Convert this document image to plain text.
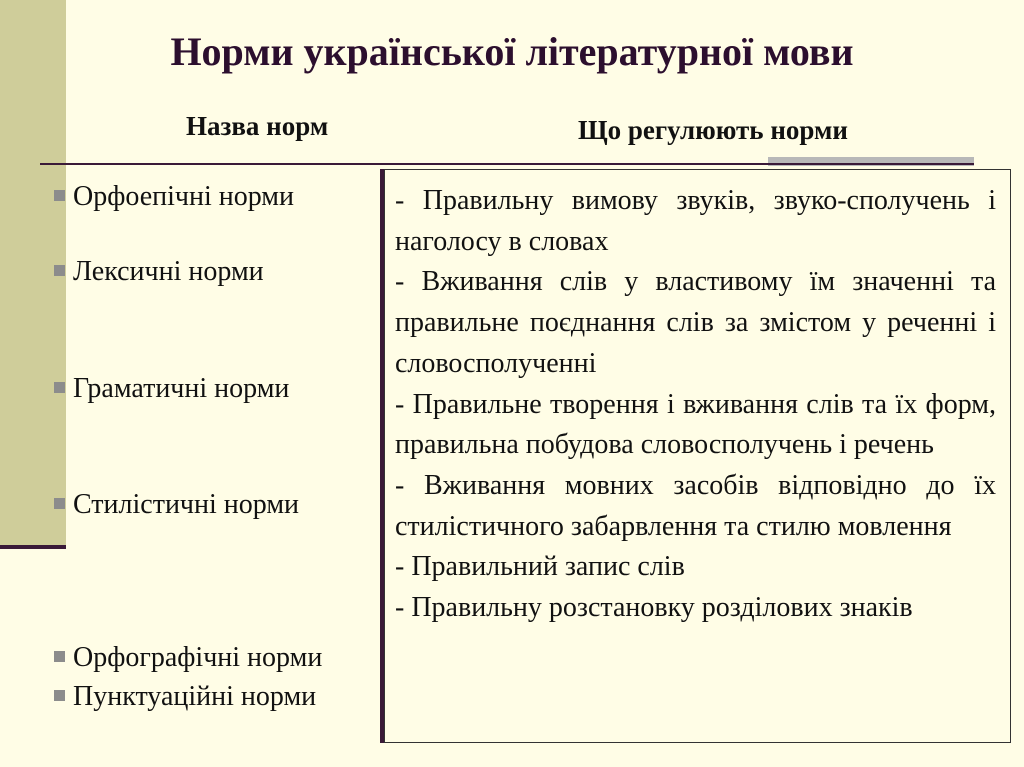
Норми української літературної мови
Назва норм	Що регулюють норми
Орфоепічні норми
Лексичні норми
Граматичні норми
Стилістичні норми
Орфографічні норми
Пунктуаційні норми

- Правильну вимову звуків, звуко-сполучень і наголосу в словах

- Вживання слів у властивому їм значенні та правильне поєднання слів за змістом у реченні і словосполученні

- Правильне творення і вживання слів та їх форм, правильна побудова словосполучень і речень

- Вживання мовних засобів відповідно до їх стилістичного забарвлення та стилю мовлення

- Правильний запис слів

- Правильну розстановку розділових знаків
